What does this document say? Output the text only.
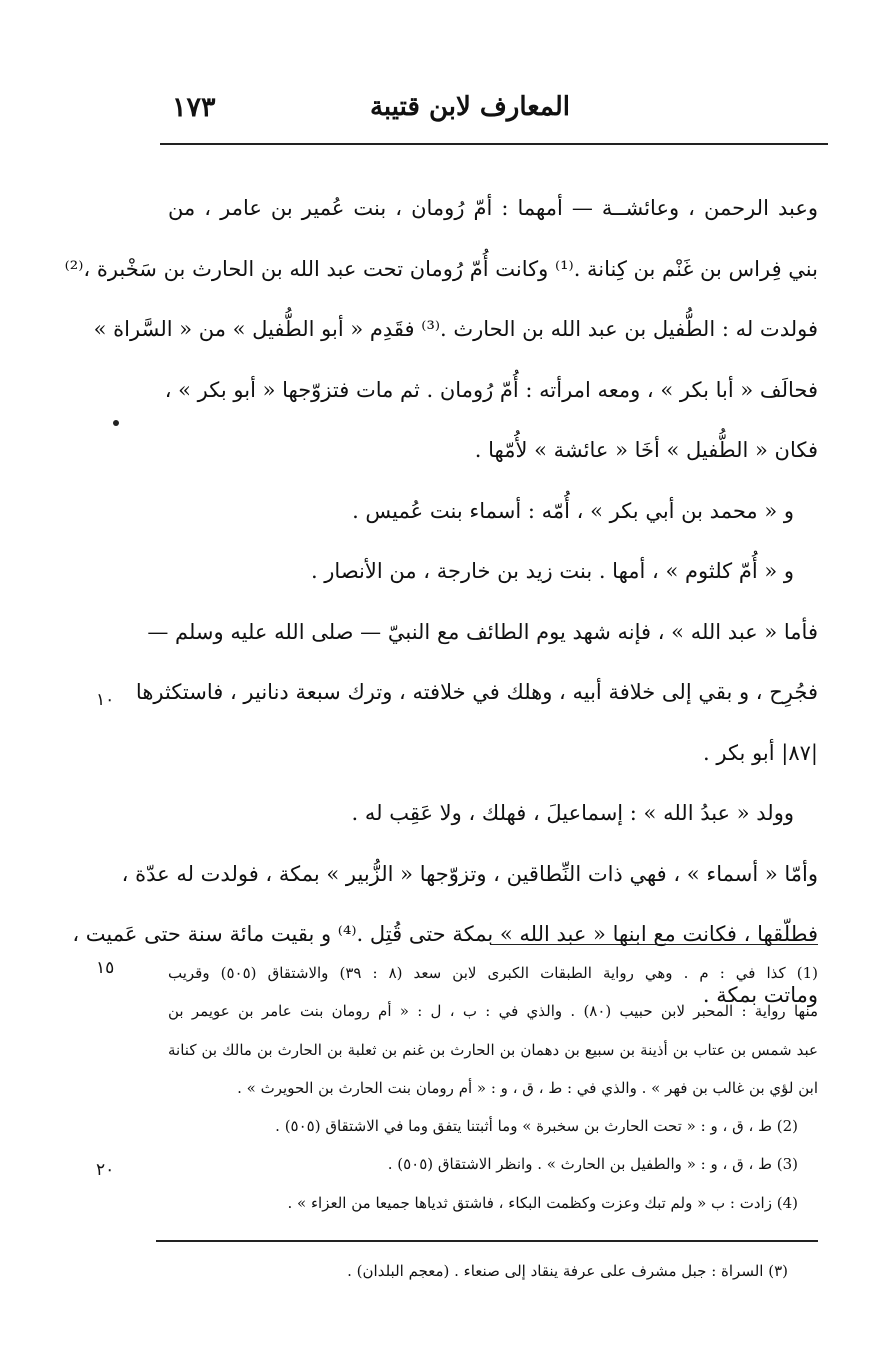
المعارف لابن قتيبة
١٧٣
وعبد الرحمن ، وعائشــة — أمهما : أمّ رُومان ، بنت عُمير بن عامر ، من
بني فِراس بن غَنْم بن كِنانة .⁽¹⁾ وكانت أُمّ رُومان تحت عبد الله بن الحارث بن سَخْبرة ،⁽²⁾
فولدت له : الطُّفيل بن عبد الله بن الحارث .⁽³⁾ فقَدِم « أبو الطُّفيل » من « السَّراة »
فحالَف « أبا بكر » ، ومعه امرأته : أُمّ رُومان . ثم مات فتزوّجها « أبو بكر » ،
فكان « الطُّفيل » أخَا « عائشة » لأُمّها .
و « محمد بن أبي بكر » ، أُمّه : أسماء بنت عُميس .
و « أُمّ كلثوم » ، أمها . بنت زيد بن خارجة ، من الأنصار .
فأما « عبد الله » ، فإنه شهد يوم الطائف مع النبيّ — صلى الله عليه وسلم —
فجُرِح ، و بقي إلى خلافة أبيه ، وهلك في خلافته ، وترك سبعة دنانير ، فاستكثرها
|٨٧| أبو بكر .
وولد « عبدُ الله » : إسماعيلَ ، فهلك ، ولا عَقِب له .
وأمّا « أسماء » ، فهي ذات النِّطاقين ، وتزوّجها « الزُّبير » بمكة ، فولدت له عدّة ،
فطلّقها ، فكانت مع ابنها « عبد الله » بمكة حتى قُتِل .⁽⁴⁾ و بقيت مائة سنة حتى عَميت ،
وماتت بمكة .
١٠
١٥
٢٠
(1) كذا في : م . وهي رواية الطبقات الكبرى لابن سعد (٨ : ٣٩) والاشتقاق (٥٠٥) وقريب
منها رواية : المحبر لابن حبيب (٨٠) . والذي في : ب ، ل : « أم رومان بنت عامر بن عويمر بن
عبد شمس بن عتاب بن أذينة بن سبيع بن دهمان بن الحارث بن غنم بن ثعلبة بن الحارث بن مالك بن كنانة
ابن لؤي بن غالب بن فهر » . والذي في : ط ، ق ، و : « أم رومان بنت الحارث بن الحويرث » .
(2) ط ، ق ، و : « تحت الحارث بن سخبرة » وما أثبتنا يتفق وما في الاشتقاق (٥٠٥) .
(3) ط ، ق ، و : « والطفيل بن الحارث » . وانظر الاشتقاق (٥٠٥) .
(4) زادت : ب « ولم تبك وعزت وكظمت البكاء ، فاشتق ثدياها جميعا من العزاء » .
(٣) السراة : جبل مشرف على عرفة ينقاد إلى صنعاء . (معجم البلدان) .
